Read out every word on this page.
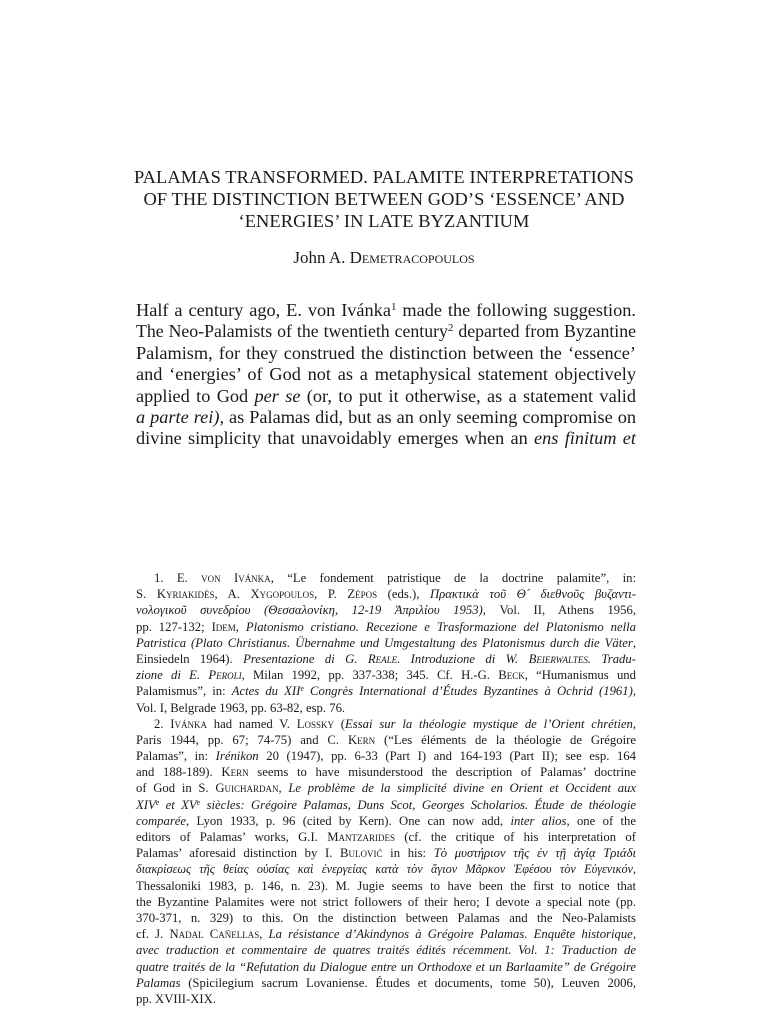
PALAMAS TRANSFORMED. PALAMITE INTERPRETATIONS
OF THE DISTINCTION BETWEEN GOD’S ‘ESSENCE’ AND
‘ENERGIES’ IN LATE BYZANTIUM
John A. Demetracopoulos
Half a century ago, E. von Ivánka$^1$ made the following suggestion.
The Neo-Palamists of the twentieth century$^2$ departed from Byzantine
Palamism, for they construed the distinction between the ‘essence’
and ‘energies’ of God not as a metaphysical statement objectively
applied to God per se (or, to put it otherwise, as a statement valid
a parte rei), as Palamas did, but as an only seeming compromise on
divine simplicity that unavoidably emerges when an ens finitum et
1. E. von Ivánka, “Le fondement patristique de la doctrine palamite”, in:
S. Kyriakidès, A. Xygopoulos, P. Zépos (eds.), Πρακτικὰ τοῦ Θ´ διεθνοῦς βυζαντι-
νολογικοῦ συνεδρίου (Θεσσαλονίκη, 12-19 Ἀπριλίου 1953), Vol. II, Athens 1956,
pp. 127-132; Idem, Platonismo cristiano. Recezione e Trasformazione del Platonismo nella
Patristica (Plato Christianus. Übernahme und Umgestaltung des Platonismus durch die Väter,
Einsiedeln 1964). Presentazione di G. Reale. Introduzione di W. Beierwaltes. Tradu-
zione di E. Peroli, Milan 1992, pp. 337-338; 345. Cf. H.-G. Beck, “Humanismus und
Palamismus”, in: Actes du XIIe Congrès International d’Études Byzantines à Ochrid (1961),
Vol. I, Belgrade 1963, pp. 63-82, esp. 76.
2. Ivánka had named V. Lossky (Essai sur la théologie mystique de l’Orient chrétien,
Paris 1944, pp. 67; 74-75) and C. Kern (“Les éléments de la théologie de Grégoire
Palamas”, in: Irénikon 20 (1947), pp. 6-33 (Part I) and 164-193 (Part II); see esp. 164
and 188-189). Kern seems to have misunderstood the description of Palamas’ doctrine
of God in S. Guichardan, Le problème de la simplicité divine en Orient et Occident aux
XIVe et XVe siècles: Grégoire Palamas, Duns Scot, Georges Scholarios. Étude de théologie
comparée, Lyon 1933, p. 96 (cited by Kern). One can now add, inter alios, one of the
editors of Palamas’ works, G.I. Mantzarides (cf. the critique of his interpretation of
Palamas’ aforesaid distinction by I. Bulović in his: Τὸ μυστήριον τῆς ἐν τῇ ἁγίᾳ Τριάδι
διακρίσεως τῆς θείας οὐσίας καὶ ἐνεργείας κατὰ τὸν ἅγιον Μᾶρκον Ἐφέσου τὸν Εὐγενικόν,
Thessaloniki 1983, p. 146, n. 23). M. Jugie seems to have been the first to notice that
the Byzantine Palamites were not strict followers of their hero; I devote a special note (pp.
370-371, n. 329) to this. On the distinction between Palamas and the Neo-Palamists
cf. J. Nadal Cañellas, La résistance d’Akindynos à Grégoire Palamas. Enquête historique,
avec traduction et commentaire de quatres traités édités récemment. Vol. 1: Traduction de
quatre traités de la “Refutation du Dialogue entre un Orthodoxe et un Barlaamite” de Grégoire
Palamas (Spicilegium sacrum Lovaniense. Études et documents, tome 50), Leuven 2006,
pp. XVIII-XIX.
